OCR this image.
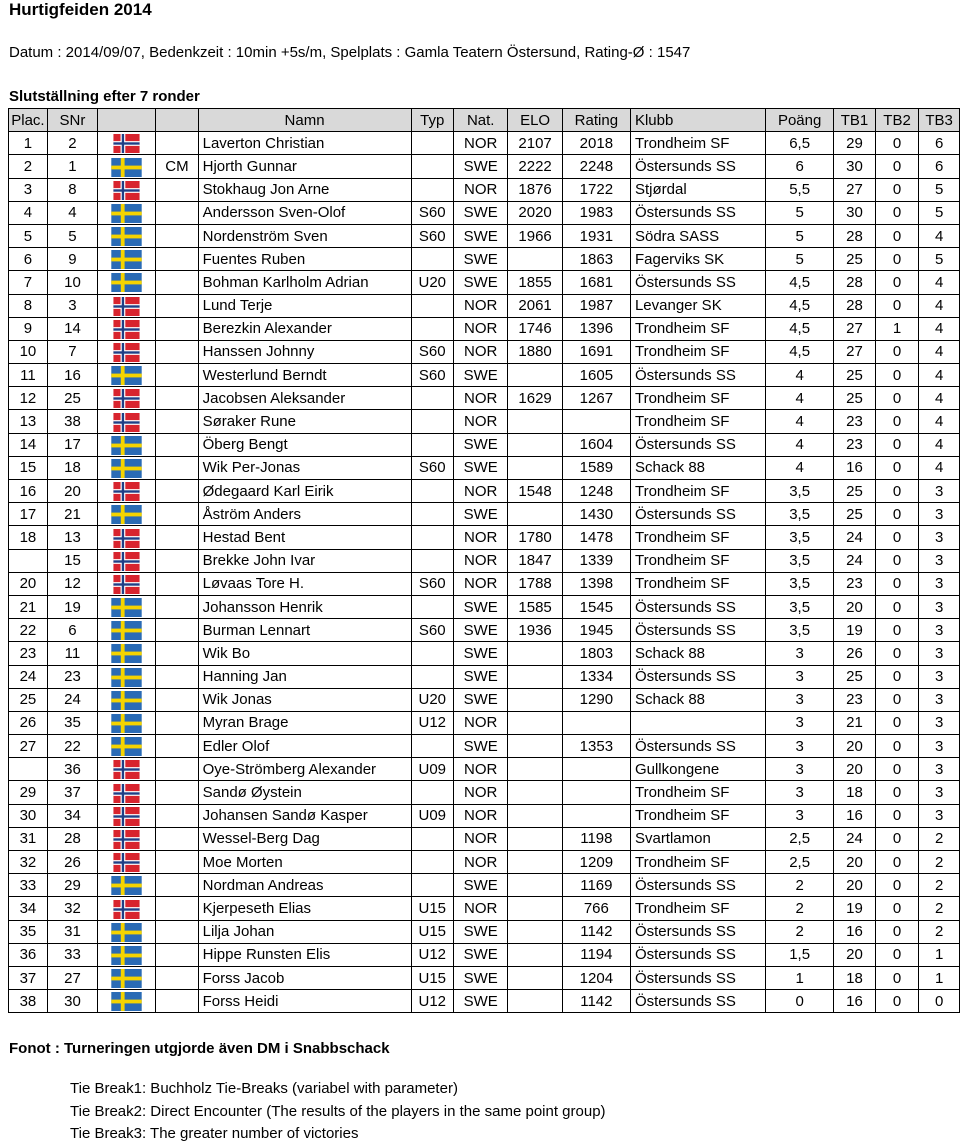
Hurtigfeiden 2014
Datum : 2014/09/07, Bedenkzeit : 10min +5s/m, Spelplats : Gamla Teatern Östersund, Rating-Ø : 1547
Slutställning efter 7 ronder
Plac.	SNr			Namn	Typ	Nat.	ELO	Rating	Klubb	Poäng	TB1	TB2	TB3
1	2			Laverton Christian		NOR	2107	2018	Trondheim SF	6,5	29	0	6
2	1		CM	Hjorth Gunnar		SWE	2222	2248	Östersunds SS	6	30	0	6
3	8			Stokhaug Jon Arne		NOR	1876	1722	Stjørdal	5,5	27	0	5
4	4			Andersson Sven-Olof	S60	SWE	2020	1983	Östersunds SS	5	30	0	5
5	5			Nordenström Sven	S60	SWE	1966	1931	Södra SASS	5	28	0	4
6	9			Fuentes Ruben		SWE		1863	Fagerviks SK	5	25	0	5
7	10			Bohman Karlholm Adrian	U20	SWE	1855	1681	Östersunds SS	4,5	28	0	4
8	3			Lund Terje		NOR	2061	1987	Levanger SK	4,5	28	0	4
9	14			Berezkin Alexander		NOR	1746	1396	Trondheim SF	4,5	27	1	4
10	7			Hanssen Johnny	S60	NOR	1880	1691	Trondheim SF	4,5	27	0	4
11	16			Westerlund Berndt	S60	SWE		1605	Östersunds SS	4	25	0	4
12	25			Jacobsen Aleksander		NOR	1629	1267	Trondheim SF	4	25	0	4
13	38			Søraker Rune		NOR			Trondheim SF	4	23	0	4
14	17			Öberg Bengt		SWE		1604	Östersunds SS	4	23	0	4
15	18			Wik Per-Jonas	S60	SWE		1589	Schack 88	4	16	0	4
16	20			Ødegaard Karl Eirik		NOR	1548	1248	Trondheim SF	3,5	25	0	3
17	21			Åström Anders		SWE		1430	Östersunds SS	3,5	25	0	3
18	13			Hestad Bent		NOR	1780	1478	Trondheim SF	3,5	24	0	3
	15			Brekke John Ivar		NOR	1847	1339	Trondheim SF	3,5	24	0	3
20	12			Løvaas Tore H.	S60	NOR	1788	1398	Trondheim SF	3,5	23	0	3
21	19			Johansson Henrik		SWE	1585	1545	Östersunds SS	3,5	20	0	3
22	6			Burman Lennart	S60	SWE	1936	1945	Östersunds SS	3,5	19	0	3
23	11			Wik Bo		SWE		1803	Schack 88	3	26	0	3
24	23			Hanning Jan		SWE		1334	Östersunds SS	3	25	0	3
25	24			Wik Jonas	U20	SWE		1290	Schack 88	3	23	0	3
26	35			Myran Brage	U12	NOR				3	21	0	3
27	22			Edler Olof		SWE		1353	Östersunds SS	3	20	0	3
	36			Oye-Strömberg Alexander	U09	NOR			Gullkongene	3	20	0	3
29	37			Sandø Øystein		NOR			Trondheim SF	3	18	0	3
30	34			Johansen Sandø Kasper	U09	NOR			Trondheim SF	3	16	0	3
31	28			Wessel-Berg Dag		NOR		1198	Svartlamon	2,5	24	0	2
32	26			Moe Morten		NOR		1209	Trondheim SF	2,5	20	0	2
33	29			Nordman Andreas		SWE		1169	Östersunds SS	2	20	0	2
34	32			Kjerpeseth Elias	U15	NOR		766	Trondheim SF	2	19	0	2
35	31			Lilja Johan	U15	SWE		1142	Östersunds SS	2	16	0	2
36	33			Hippe Runsten Elis	U12	SWE		1194	Östersunds SS	1,5	20	0	1
37	27			Forss Jacob	U15	SWE		1204	Östersunds SS	1	18	0	1
38	30			Forss Heidi	U12	SWE		1142	Östersunds SS	0	16	0	0
Fonot : Turneringen utgjorde även DM i Snabbschack
Tie Break1: Buchholz Tie-Breaks (variabel with parameter)
Tie Break2: Direct Encounter (The results of the players in the same point group)
Tie Break3: The greater number of victories
